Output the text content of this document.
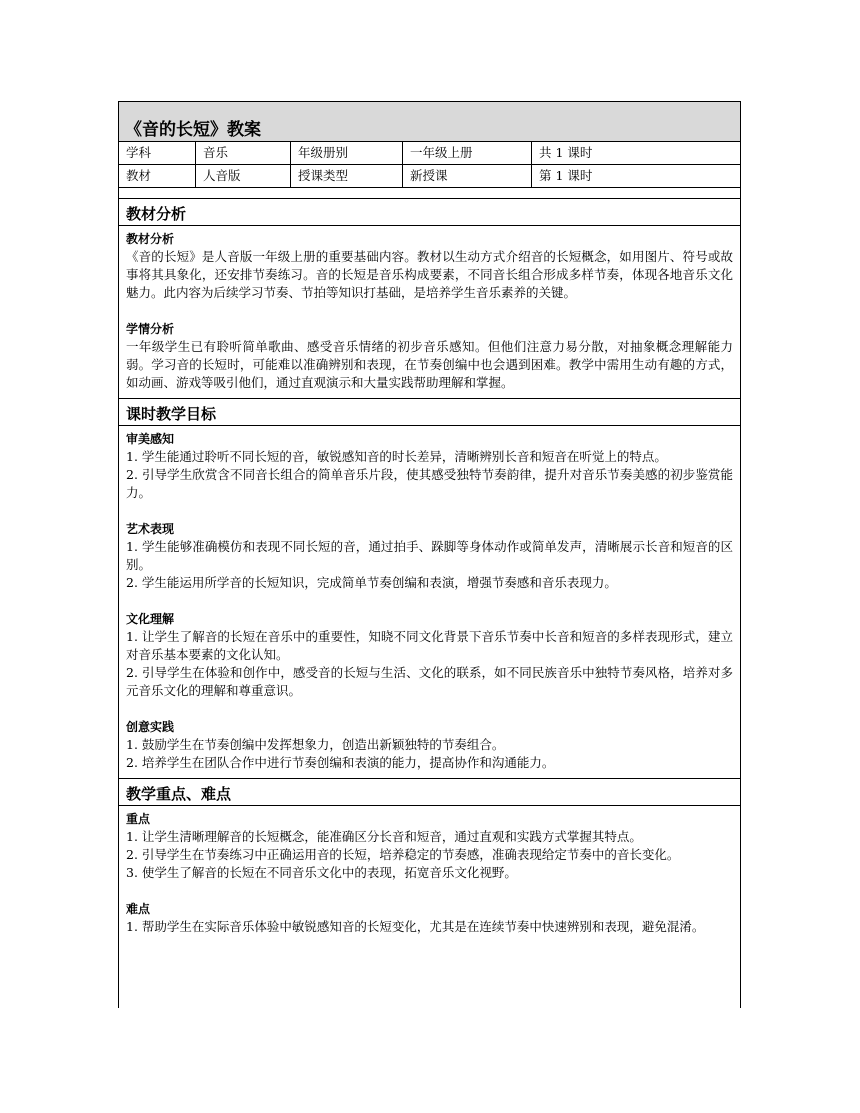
《音的长短》教案
学科	音乐	年级册别	一年级上册	共 1 课时
教材	人音版	授课类型	新授课	第 1 课时
教材分析
教材分析
《音的长短》是人音版一年级上册的重要基础内容。教材以生动方式介绍音的长短概念，如用图片、符号或故事将其具象化，还安排节奏练习。音的长短是音乐构成要素，不同音长组合形成多样节奏，体现各地音乐文化魅力。此内容为后续学习节奏、节拍等知识打基础，是培养学生音乐素养的关键。
学情分析
一年级学生已有聆听简单歌曲、感受音乐情绪的初步音乐感知。但他们注意力易分散，对抽象概念理解能力弱。学习音的长短时，可能难以准确辨别和表现，在节奏创编中也会遇到困难。教学中需用生动有趣的方式，如动画、游戏等吸引他们，通过直观演示和大量实践帮助理解和掌握。
课时教学目标
审美感知
1. 学生能通过聆听不同长短的音，敏锐感知音的时长差异，清晰辨别长音和短音在听觉上的特点。
2. 引导学生欣赏含不同音长组合的简单音乐片段，使其感受独特节奏韵律，提升对音乐节奏美感的初步鉴赏能力。
艺术表现
1. 学生能够准确模仿和表现不同长短的音，通过拍手、跺脚等身体动作或简单发声，清晰展示长音和短音的区别。
2. 学生能运用所学音的长短知识，完成简单节奏创编和表演，增强节奏感和音乐表现力。
文化理解
1. 让学生了解音的长短在音乐中的重要性，知晓不同文化背景下音乐节奏中长音和短音的多样表现形式，建立对音乐基本要素的文化认知。
2. 引导学生在体验和创作中，感受音的长短与生活、文化的联系，如不同民族音乐中独特节奏风格，培养对多元音乐文化的理解和尊重意识。
创意实践
1. 鼓励学生在节奏创编中发挥想象力，创造出新颖独特的节奏组合。
2. 培养学生在团队合作中进行节奏创编和表演的能力，提高协作和沟通能力。
教学重点、难点
重点
1. 让学生清晰理解音的长短概念，能准确区分长音和短音，通过直观和实践方式掌握其特点。
2. 引导学生在节奏练习中正确运用音的长短，培养稳定的节奏感，准确表现给定节奏中的音长变化。
3. 使学生了解音的长短在不同音乐文化中的表现，拓宽音乐文化视野。
难点
1. 帮助学生在实际音乐体验中敏锐感知音的长短变化，尤其是在连续节奏中快速辨别和表现，避免混淆。
